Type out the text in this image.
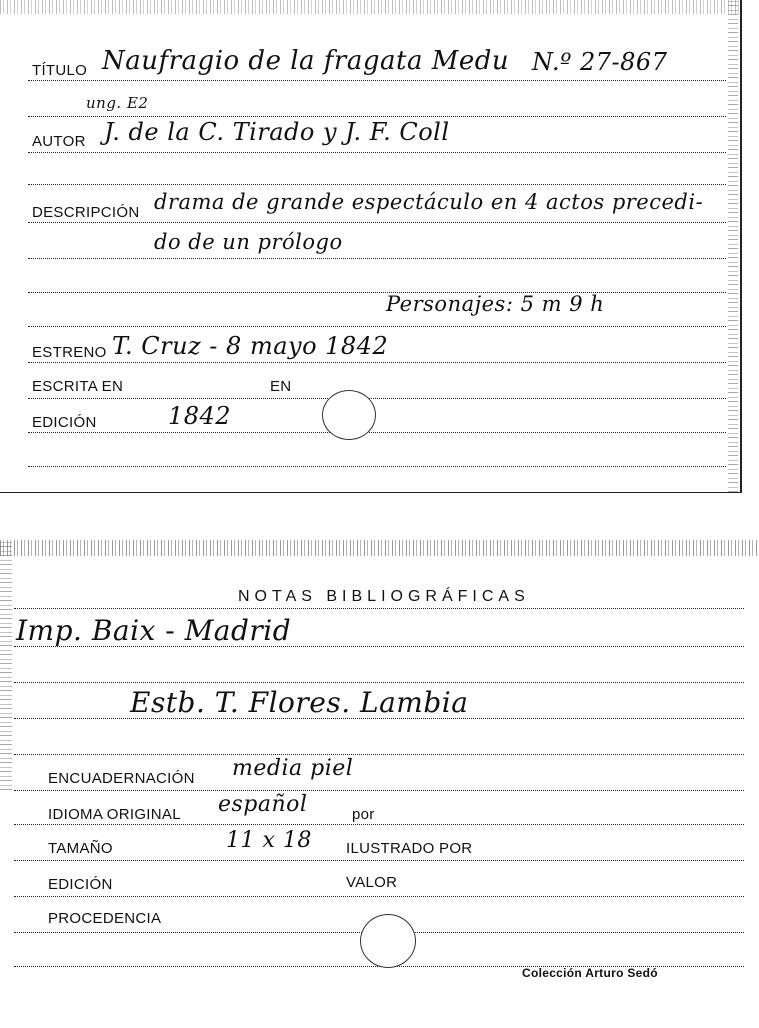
TÍTULO Naufragio de la fragata Medu N.º 27-867
ung. E2
AUTOR J. de la C. Tirado y J. F. Coll
DESCRIPCIÓN drama de grande espectáculo en 4 actos precedi-
do de un prólogo
Personajes: 5 m 9 h
ESTRENO T. Cruz - 8 mayo 1842
ESCRITA EN	EN
EDICIÓN	1842
NOTAS BIBLIOGRÁFICAS
Imp. Baix - Madrid
Estb. T. Flores. Lambia
ENCUADERNACIÓN media piel
IDIOMA ORIGINAL español	por
TAMAÑO	11 x 18 ILUSTRADO POR
EDICIÓN	VALOR
PROCEDENCIA
Colección Arturo Sedó
